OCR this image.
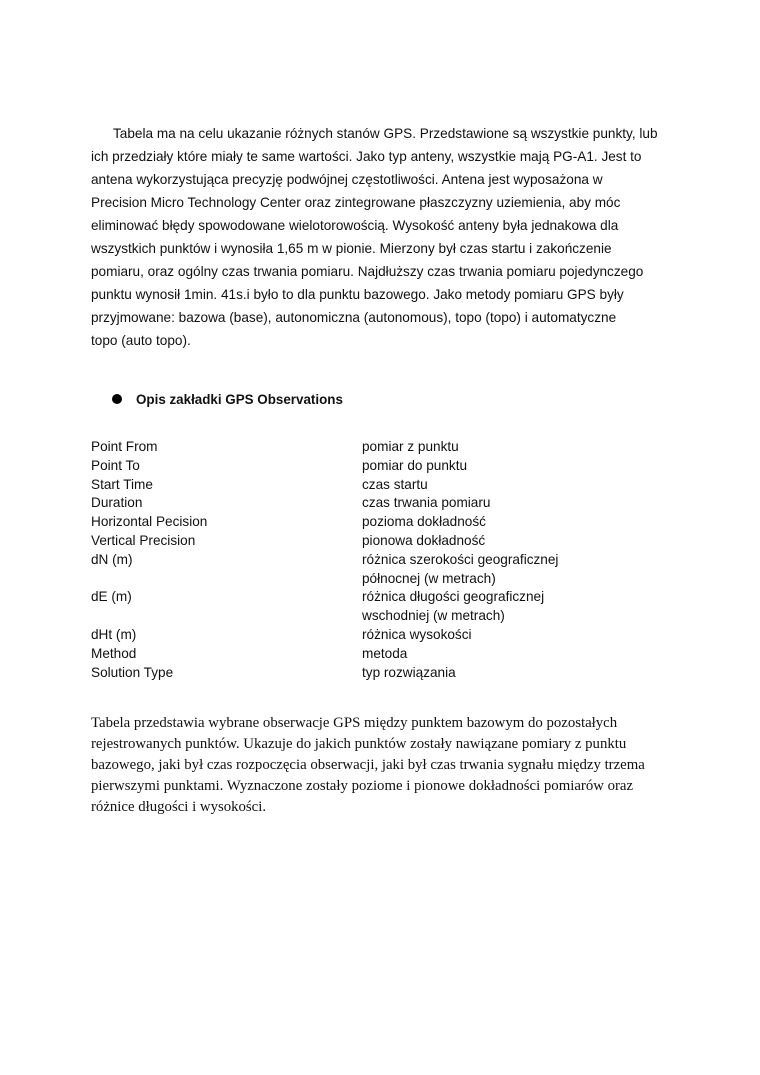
Tabela ma na celu ukazanie różnych stanów GPS. Przedstawione są wszystkie punkty, lub
ich przedziały które miały te same wartości. Jako typ anteny, wszystkie mają PG-A1. Jest to
antena wykorzystująca precyzję podwójnej częstotliwości. Antena jest wyposażona w
Precision Micro Technology Center oraz zintegrowane płaszczyzny uziemienia, aby móc
eliminować błędy spowodowane wielotorowością. Wysokość anteny była jednakowa dla
wszystkich punktów i wynosiła 1,65 m w pionie. Mierzony był czas startu i zakończenie
pomiaru, oraz ogólny czas trwania pomiaru. Najdłuższy czas trwania pomiaru pojedynczego
punktu wynosił 1min. 41s.i było to dla punktu bazowego. Jako metody pomiaru GPS były
przyjmowane: bazowa (base), autonomiczna (autonomous), topo (topo) i automatyczne
topo (auto topo).

Opis zakładki GPS Observations
Point From	pomiar z punktu
Point To	pomiar do punktu
Start Time	czas startu
Duration	czas trwania pomiaru
Horizontal Pecision	pozioma dokładność
Vertical Precision	pionowa dokładność
dN (m)	różnica szerokości geograficznej
północnej (w metrach)
dE (m)	różnica długości geograficznej
wschodniej (w metrach)
dHt (m)	różnica wysokości
Method	metoda
Solution Type	typ rozwiązania

Tabela przedstawia wybrane obserwacje GPS między punktem bazowym do pozostałych
rejestrowanych punktów. Ukazuje do jakich punktów zostały nawiązane pomiary z punktu
bazowego, jaki był czas rozpoczęcia obserwacji, jaki był czas trwania sygnału między trzema
pierwszymi punktami. Wyznaczone zostały poziome i pionowe dokładności pomiarów oraz
różnice długości i wysokości.
